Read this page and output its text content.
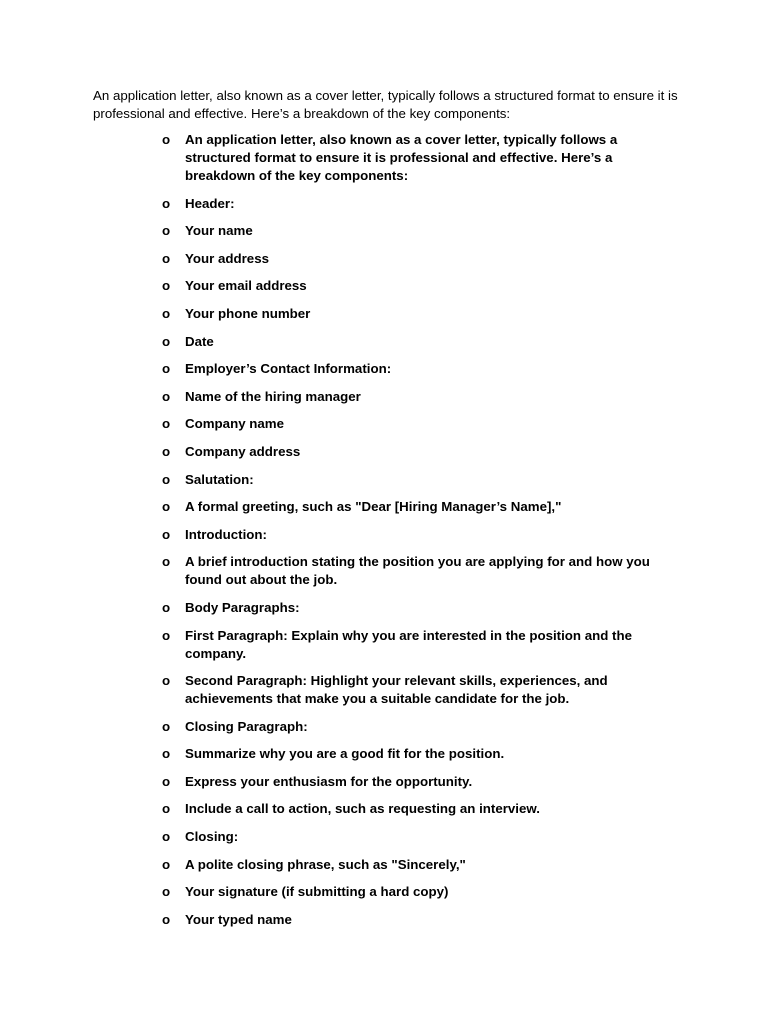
An application letter, also known as a cover letter, typically follows a structured format to ensure it is professional and effective. Here’s a breakdown of the key components:

o An application letter, also known as a cover letter, typically follows a structured format to ensure it is professional and effective. Here’s a breakdown of the key components:
o Header:
o Your name
o Your address
o Your email address
o Your phone number
o Date
o Employer’s Contact Information:
o Name of the hiring manager
o Company name
o Company address
o Salutation:
o A formal greeting, such as "Dear [Hiring Manager’s Name],"
o Introduction:
o A brief introduction stating the position you are applying for and how you found out about the job.
o Body Paragraphs:
o First Paragraph: Explain why you are interested in the position and the company.
o Second Paragraph: Highlight your relevant skills, experiences, and achievements that make you a suitable candidate for the job.
o Closing Paragraph:
o Summarize why you are a good fit for the position.
o Express your enthusiasm for the opportunity.
o Include a call to action, such as requesting an interview.
o Closing:
o A polite closing phrase, such as "Sincerely,"
o Your signature (if submitting a hard copy)
o Your typed name
